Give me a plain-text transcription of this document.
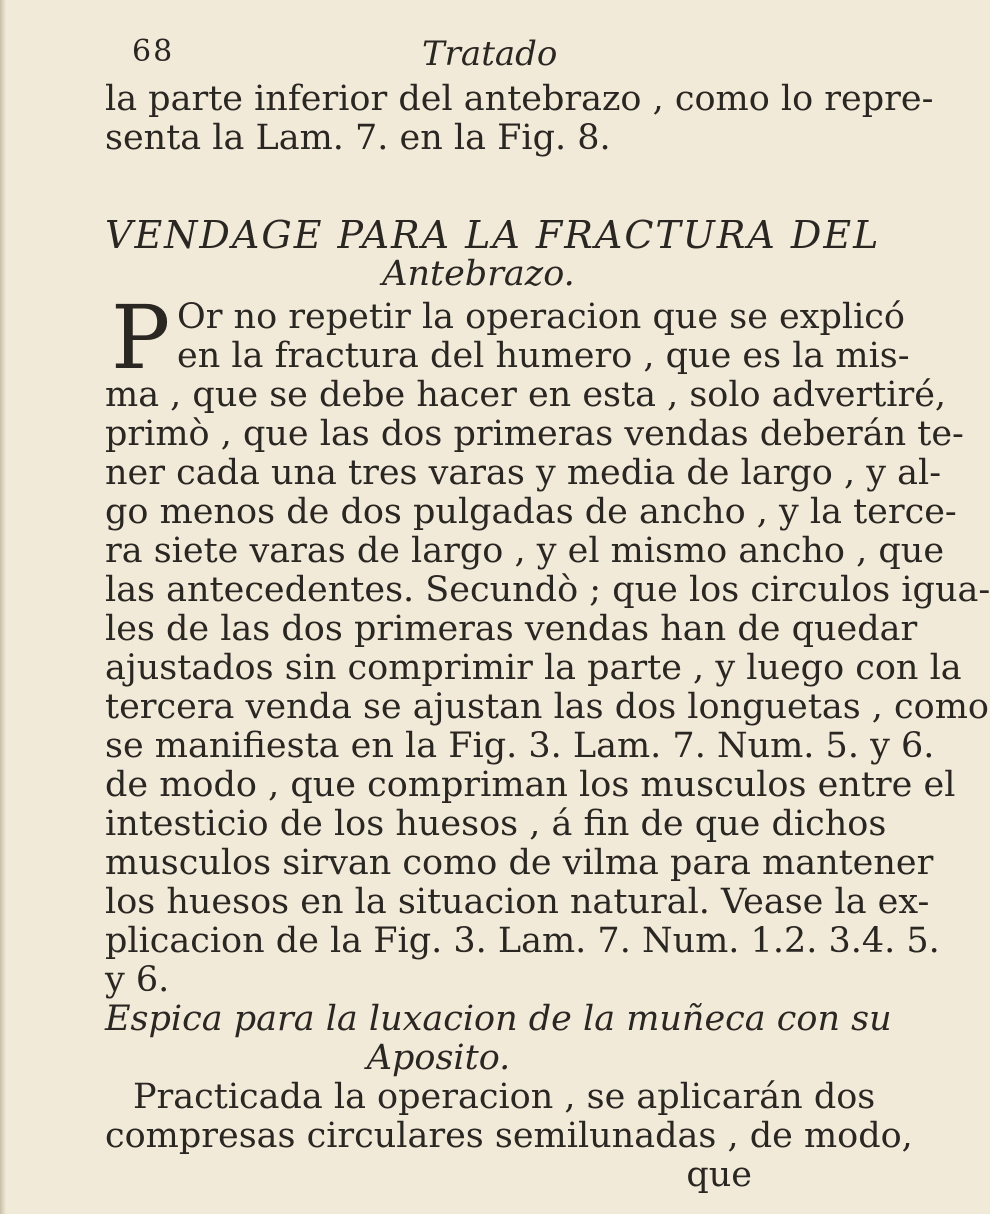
68	Tratado
la parte inferior del antebrazo , como lo repre-
senta la Lam. 7. en la Fig. 8.
VENDAGE PARA LA FRACTURA DEL
Antebrazo.
P Or no repetir la operacion que se explicó
en la fractura del humero , que es la mis-
ma , que se debe hacer en esta , solo advertiré,
primò , que las dos primeras vendas deberán te-
ner cada una tres varas y media de largo , y al-
go menos de dos pulgadas de ancho , y la terce-
ra siete varas de largo , y el mismo ancho , que
las antecedentes. Secundò ; que los circulos igua-
les de las dos primeras vendas han de quedar
ajustados sin comprimir la parte , y luego con la
tercera venda se ajustan las dos longuetas , como
se manifiesta en la Fig. 3. Lam. 7. Num. 5. y 6.
de modo , que compriman los musculos entre el
intesticio de los huesos , á fin de que dichos
musculos sirvan como de vilma para mantener
los huesos en la situacion natural. Vease la ex-
plicacion de la Fig. 3. Lam. 7. Num. 1.2. 3.4. 5.
y 6.
Espica para la luxacion de la muñeca con su
Aposito.
Practicada la operacion , se aplicarán dos
compresas circulares semilunadas , de modo,
que
